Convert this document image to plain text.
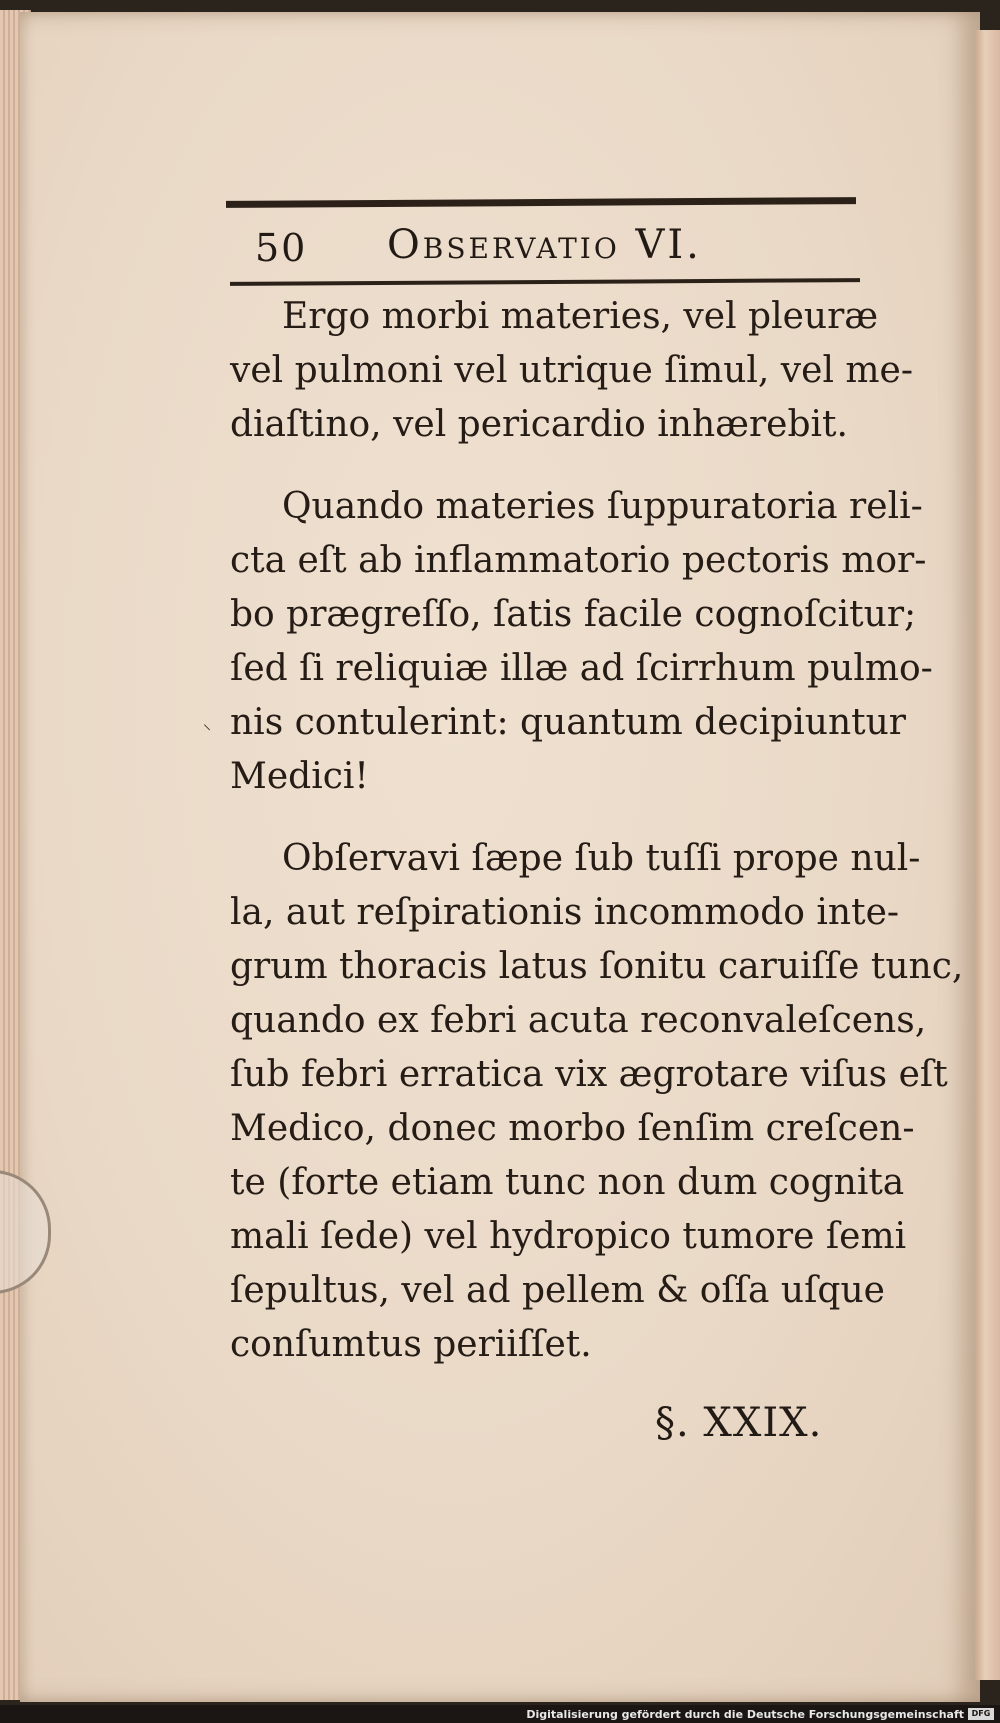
50 Observatio VI.
⸜
Ergo morbi materies, vel pleuræ
vel pulmoni vel utrique ſimul, vel me-
diaſtino, vel pericardio inhærebit.
Quando materies ſuppuratoria reli-
cta eſt ab inflammatorio pectoris mor-
bo prægreſſo, ſatis facile cognoſcitur;
ſed ſi reliquiæ illæ ad ſcirrhum pulmo-
nis contulerint: quantum decipiuntur
Medici!
Obſervavi ſæpe ſub tuſſi prope nul-
la, aut reſpirationis incommodo inte-
grum thoracis latus ſonitu caruiſſe tunc,
quando ex febri acuta reconvaleſcens,
ſub febri erratica vix ægrotare viſus eſt
Medico, donec morbo ſenſim creſcen-
te (forte etiam tunc non dum cognita
mali ſede) vel hydropico tumore ſemi
ſepultus, vel ad pellem & oſſa uſque
conſumtus periiſſet.
§. XXIX.
Digitalisierung gefördert durch die Deutsche Forschungsgemeinschaft DFG
